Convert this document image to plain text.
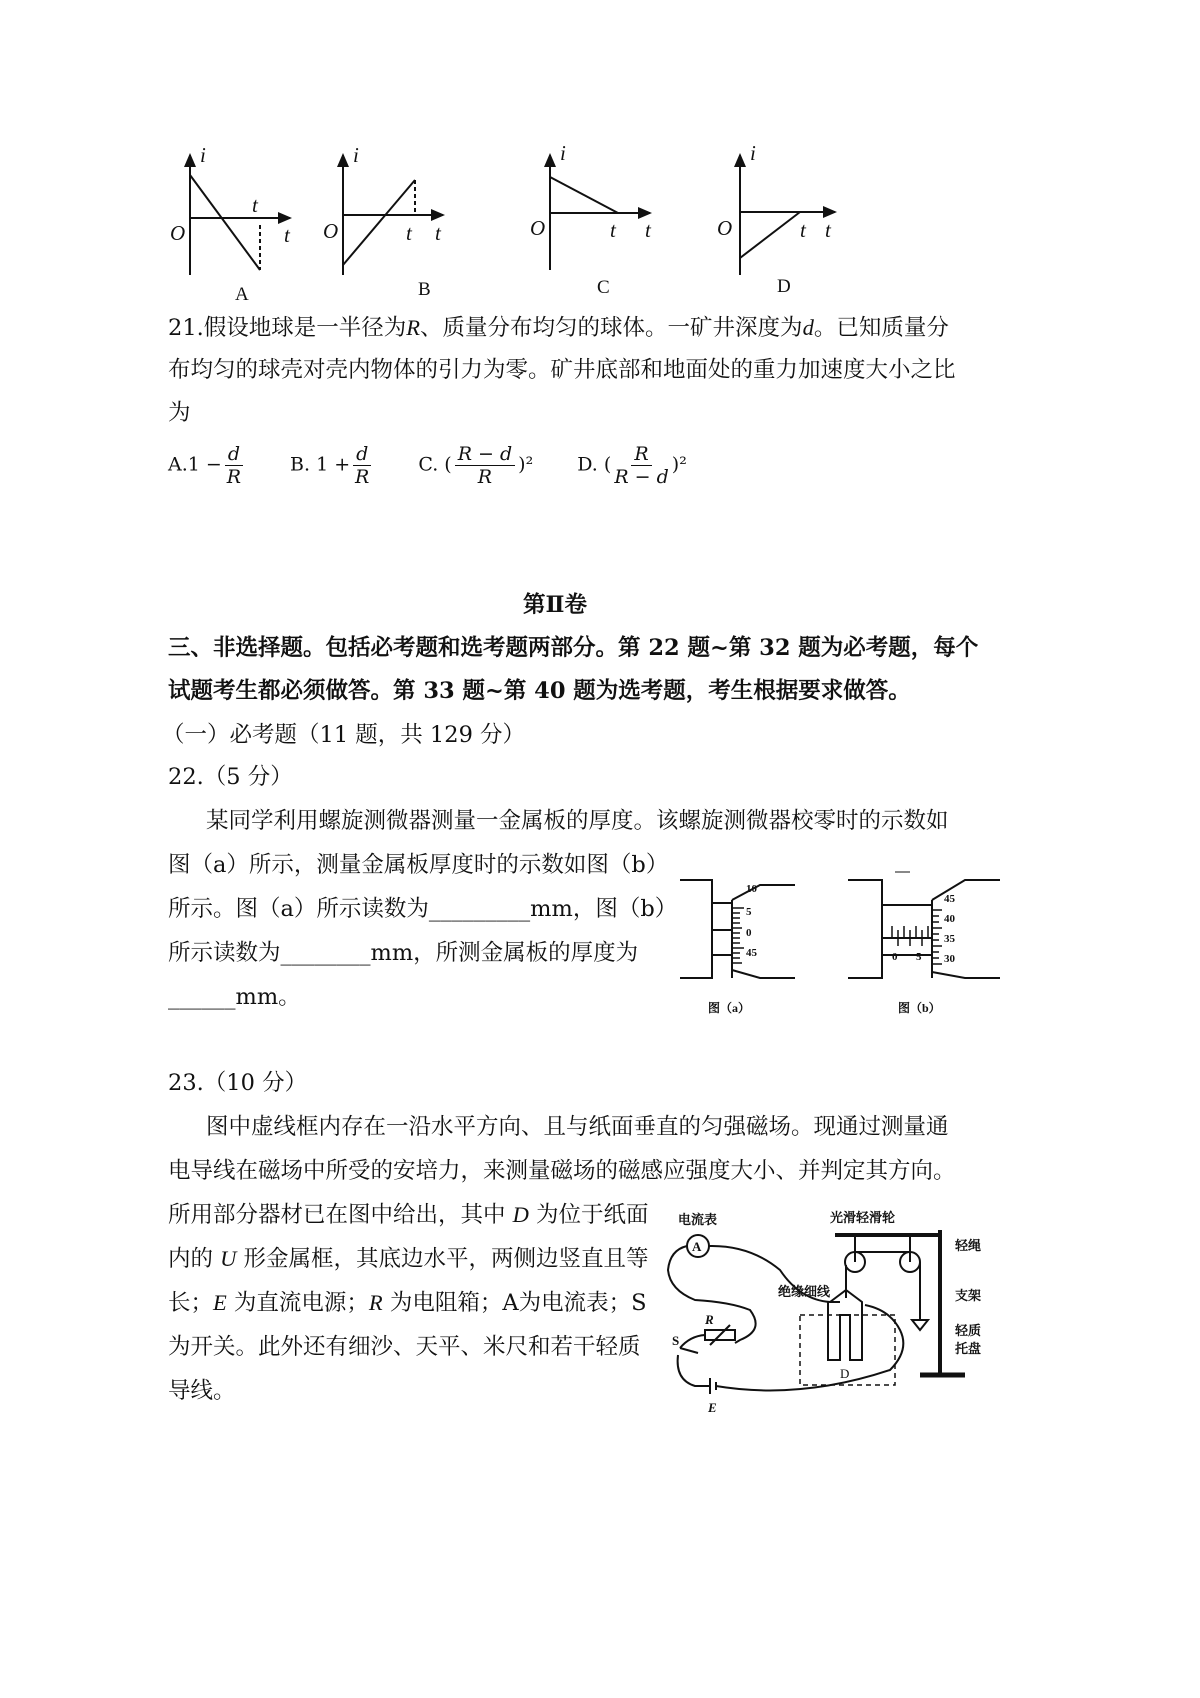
i
O	t
t
i
O	t
t
i
O	t
t
i
O	t
t
A	B	C	D
21.假设地球是一半径为R、质量分布均匀的球体。一矿井深度为d。已知质量分
布均匀的球壳对壳内物体的引力为零。矿井底部和地面处的重力加速度大小之比
为
$A.1 - \frac{d}{R} B$. $1 + \frac{d}{R} C$. ( $\frac{R - d}{R} )^2$ D. ( $\frac{R}{R - d} )^2$
第Ⅱ卷
三、非选择题。包括必考题和选考题两部分。第 22 题~第 32 题为必考题，每个
试题考生都必须做答。第 33 题~第 40 题为选考题，考生根据要求做答。
（一）必考题（11 题，共 129 分）
22.（5 分）
某同学利用螺旋测微器测量一金属板的厚度。该螺旋测微器校零时的示数如
图（a）所示，测量金属板厚度时的示数如图（b）
所示。图（a）所示读数为_________mm，图（b）
所示读数为________mm，所测金属板的厚度为
______mm。
10
5
0
45
45
40
35
30
0 5
图（a）	图（b）
23.（10 分）
图中虚线框内存在一沿水平方向、且与纸面垂直的匀强磁场。现通过测量通
电导线在磁场中所受的安培力，来测量磁场的磁感应强度大小、并判定其方向。
所用部分器材已在图中给出，其中 D 为位于纸面
内的 U 形金属框，其底边水平，两侧边竖直且等
长；E 为直流电源；R 为电阻箱；A为电流表；S
为开关。此外还有细沙、天平、米尺和若干轻质
导线。
电流表
A
光滑轻滑轮
轻绳
绝缘细线	支架
轻质
托盘
R
S
E
D
